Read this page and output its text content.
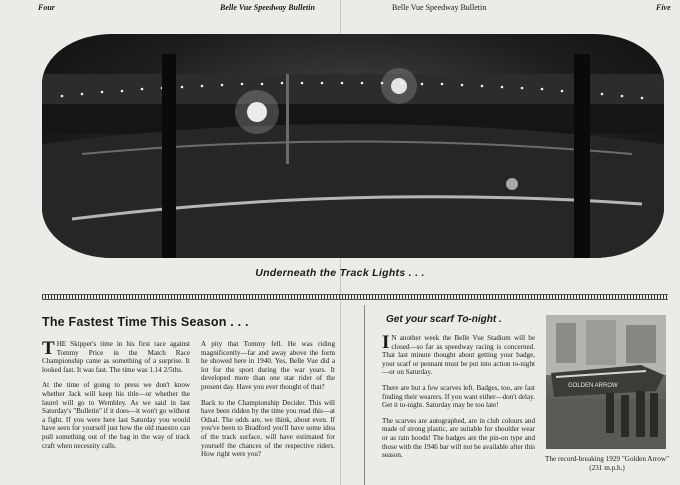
Four	Belle Vue Speedway Bulletin	Belle Vue Speedway Bulletin	Five
Underneath the Track Lights . . .
The Fastest Time This Season . . .

THE Skipper's time in his first race against Tommy Price in the Match Race Championship came as something of a surprise. It looked fast. It was fast. The time was 1.14 2/5ths.

At the time of going to press we don't know whether Jack will keep his title—or whether the laurel will go to Wembley. As we said in last Saturday's "Bulletin" if it does—it won't go without a fight. If you were here last Saturday you would have seen for yourself just how the old maestro can pull something out of the bag in the way of track craft when necessity calls.

A pity that Tommy fell. He was riding magnificently—far and away above the form he showed here in 1940. Yes, Belle Vue did a lot for the sport during the war years. It developed more than one star rider of the present day. Have you ever thought of that?

Back to the Championship Decider. This will have been ridden by the time you read this—at Odsal. The odds are, we think, about even. If you've been to Bradford you'll have some idea of the track surface, will have estimated for yourself the chances of the respective riders. How right were you?

Get your scarf To-night .

I N another week the Belle Vue Stadium will be closed—so far as speedway racing is concerned. That last minute thought about getting your badge, your scarf or pennant must be put into action to-night—or on Saturday.

There are but a few scarves left. Badges, too, are fast finding their wearers. If you want either—don't delay. Get it to-night. Saturday may be too late!

The scarves are autographed, are in club colours and made of strong plastic, are suitable for shoulder wear or as rain hoods! The badges are the pin-on type and those with the 1946 bar will not be available after this season.

GOLDEN ARROW
The record-breaking 1929 "Golden Arrow" (231 m.p.h.)
